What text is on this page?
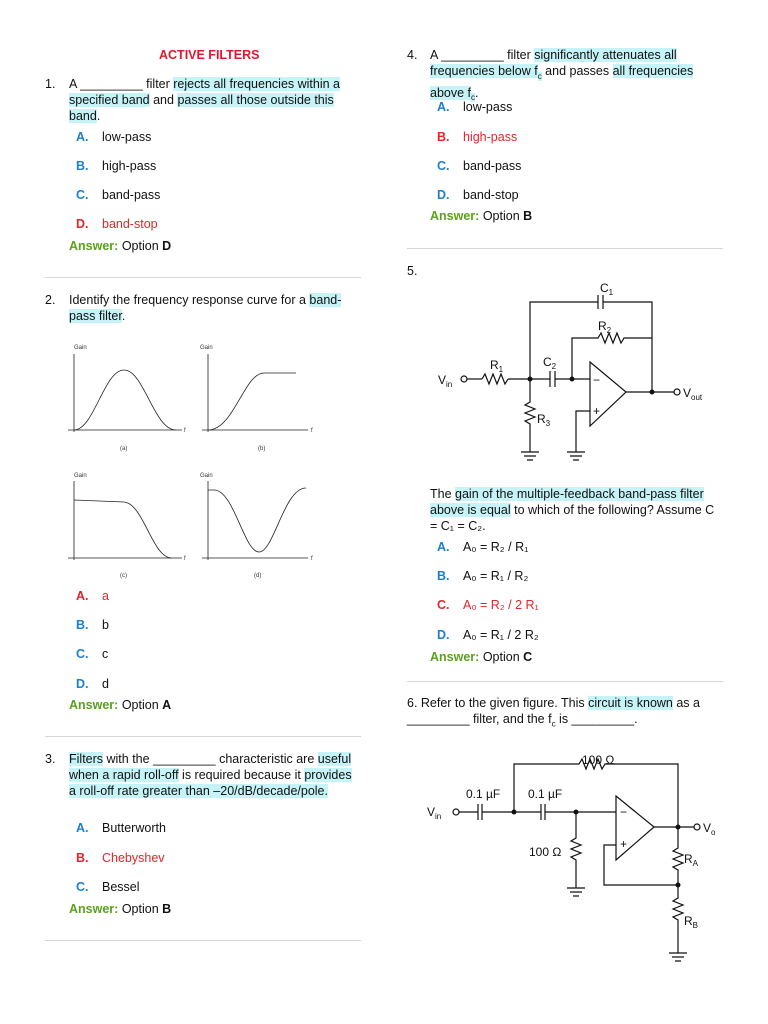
ACTIVE FILTERS
1. A _________ filter rejects all frequencies within a specified band and passes all those outside this band.
A. low-pass
B. high-pass
C. band-pass
D. band-stop
Answer: Option D
2. Identify the frequency response curve for a band-pass filter.
Gain	Gain
Gain	Gain
f	f
f	f
(a)	(b)
(c)	(d)
A. a
B. b
C. c
D. d
Answer: Option A
3. Filters with the _________ characteristic are useful when a rapid roll-off is required because it provides a roll-off rate greater than –20/dB/decade/pole.
A. Butterworth
B. Chebyshev
C. Bessel
Answer: Option B
4. A _________ filter significantly attenuates all frequencies below $f_c$ and passes all frequencies above $f_c$.
A. low-pass
B. high-pass
C. band-pass
D. band-stop
Answer: Option B
5.
$V_{in}$
$V_{out}$
$R_1$
$C_2$
$C_1$
$R_2$
$R_3$
−
+
The gain of the multiple-feedback band-pass filter above is equal to which of the following? Assume C = C₁ = C₂.
A. A₀ = R₂ / R₁
B. A₀ = R₁ / R₂
C. A₀ = R₂ / 2 R₁
D. A₀ = R₁ / 2 R₂
Answer: Option C
6. Refer to the given figure. This circuit is known as a _________ filter, and the $f_c$ is _________.
$V_{in}$
$V_o$
100 Ω
0.1 µF 0.1 µF
100 Ω	$R_A$
$R_B$
−
+
